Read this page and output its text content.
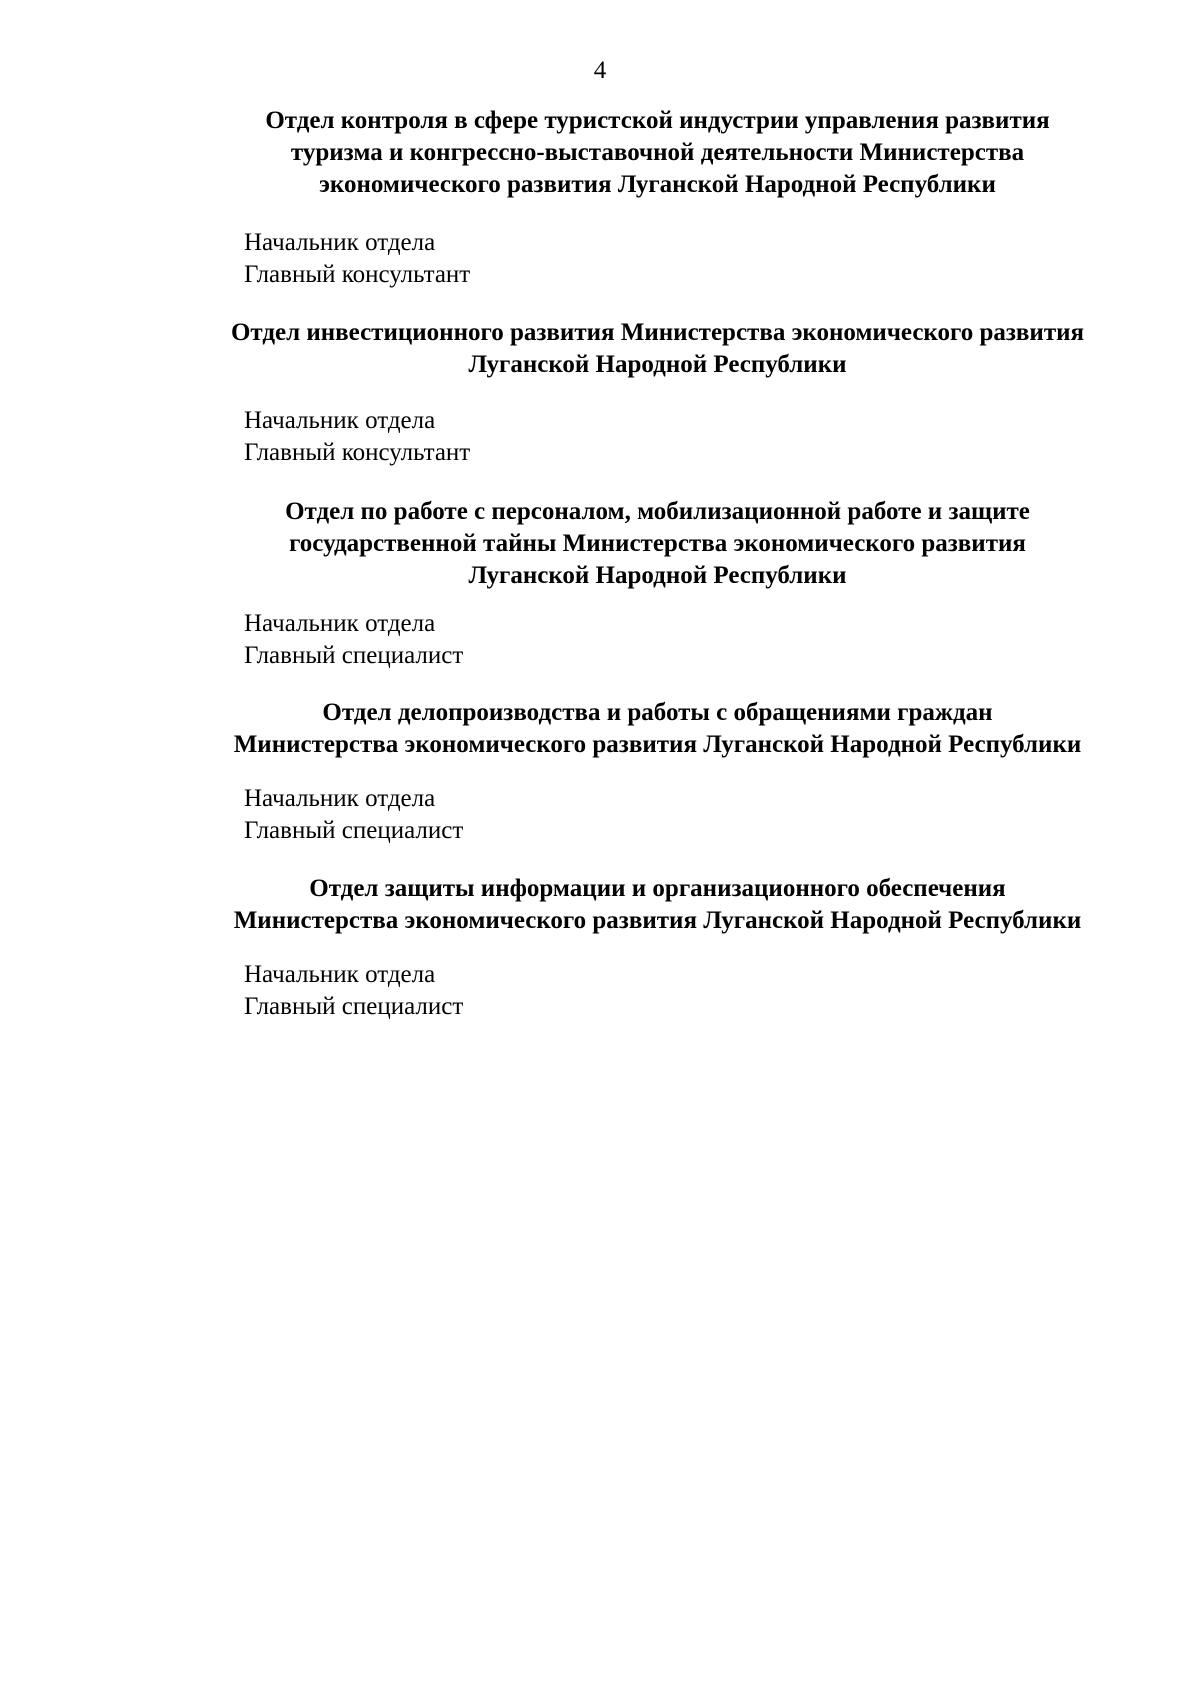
4
Отдел контроля в сфере туристской индустрии управления развития
туризма и конгрессно-выставочной деятельности Министерства
экономического развития Луганской Народной Республики
Начальник отдела
Главный консультант
Отдел инвестиционного развития Министерства экономического развития
Луганской Народной Республики
Начальник отдела
Главный консультант
Отдел по работе с персоналом, мобилизационной работе и защите
государственной тайны Министерства экономического развития
Луганской Народной Республики
Начальник отдела
Главный специалист
Отдел делопроизводства и работы с обращениями граждан
Министерства экономического развития Луганской Народной Республики
Начальник отдела
Главный специалист
Отдел защиты информации и организационного обеспечения
Министерства экономического развития Луганской Народной Республики
Начальник отдела
Главный специалист
